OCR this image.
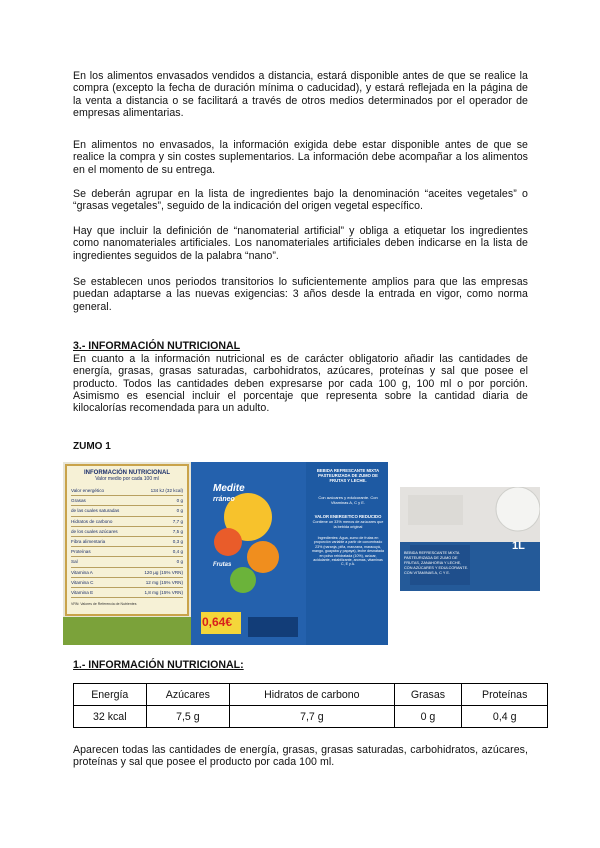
En los alimentos envasados vendidos a distancia, estará disponible antes de que se realice la compra (excepto la fecha de duración mínima o caducidad), y estará reflejada en la página de la venta a distancia o se facilitará a través de otros medios determinados por el operador de empresas alimentarias.
En alimentos no envasados, la información exigida debe estar disponible antes de que se realice la compra y sin costes suplementarios. La información debe acompañar a los alimentos en el momento de su entrega.
Se deberán agrupar en la lista de ingredientes bajo la denominación “aceites vegetales” o “grasas vegetales”, seguido de la indicación del origen vegetal específico.
Hay que incluir la definición de “nanomaterial artificial” y obliga a etiquetar los ingredientes como nanomateriales artificiales. Los nanomateriales artificiales deben indicarse en la lista de ingredientes seguidos de la palabra “nano”.
Se establecen unos periodos transitorios lo suficientemente amplios para que las empresas puedan adaptarse a las nuevas exigencias: 3 años desde la entrada en vigor, como norma general.
3.- INFORMACIÓN NUTRICIONAL
En cuanto a la información nutricional es de carácter obligatorio añadir las cantidades de energía, grasas, grasas saturadas, carbohidratos, azúcares, proteínas y sal que posee el producto. Todos las cantidades deben expresarse por cada 100 g, 100 ml o por porción. Asimismo es esencial incluir el porcentaje que representa sobre la cantidad diaria de kilocalorías recomendada para un adulto.
ZUMO 1
INFORMACIÓN NUTRICIONAL
Valor medio por cada 100 ml
Valor energético	134 kJ (32 kcal)
Grasas	0 g
de las cuales saturadas	0 g
Hidratos de carbono	7,7 g
de los cuales azúcares	7,5 g
Fibra alimentaria	0,3 g
Proteínas	0,4 g
Sal	0 g
Vitamina A	120 µg (15% VRN)
Vitamina C	12 mg (15% VRN)
Vitamina E	1,8 mg (15% VRN)
VRN: Valores de Referencia de Nutrientes
Medite
rráneo
Frutas
0,64€
BEBIDA REFRESCANTE MIXTA PASTEURIZADA DE ZUMO DE FRUTAS Y LECHE.
Con azúcares y edulcorante. Con Vitaminas A, C y E.
VALOR ENERGETICO REDUCIDO
Contiene un 33% menos de azúcares que la bebida original
Ingredientes: Agua, zumo de frutas en proporción variable a partir de concentrado 23% (naranja, piña, manzana, maracuyá, mango, guayaba y papaya), leche desnatada en polvo rehidratada (10%), azúcar, acidulante, estabilizante, aromas, vitaminas C, E y A.
1L
BEBIDA REFRESCANTE MIXTA
PASTEURIZADA DE ZUMO DE
FRUTAS, ZANAHORIA Y LECHE,
CON AZÚCARES Y EDULCORANTE.
CON VITAMINAS A, C Y E.
1.- INFORMACIÓN NUTRICIONAL:
Energía	Azúcares	Hidratos de carbono	Grasas	Proteínas
32 kcal	7,5 g	7,7 g	0 g	0,4 g
Aparecen todas las cantidades de energía, grasas, grasas saturadas, carbohidratos, azúcares, proteínas y sal que posee el producto por cada 100 ml.
